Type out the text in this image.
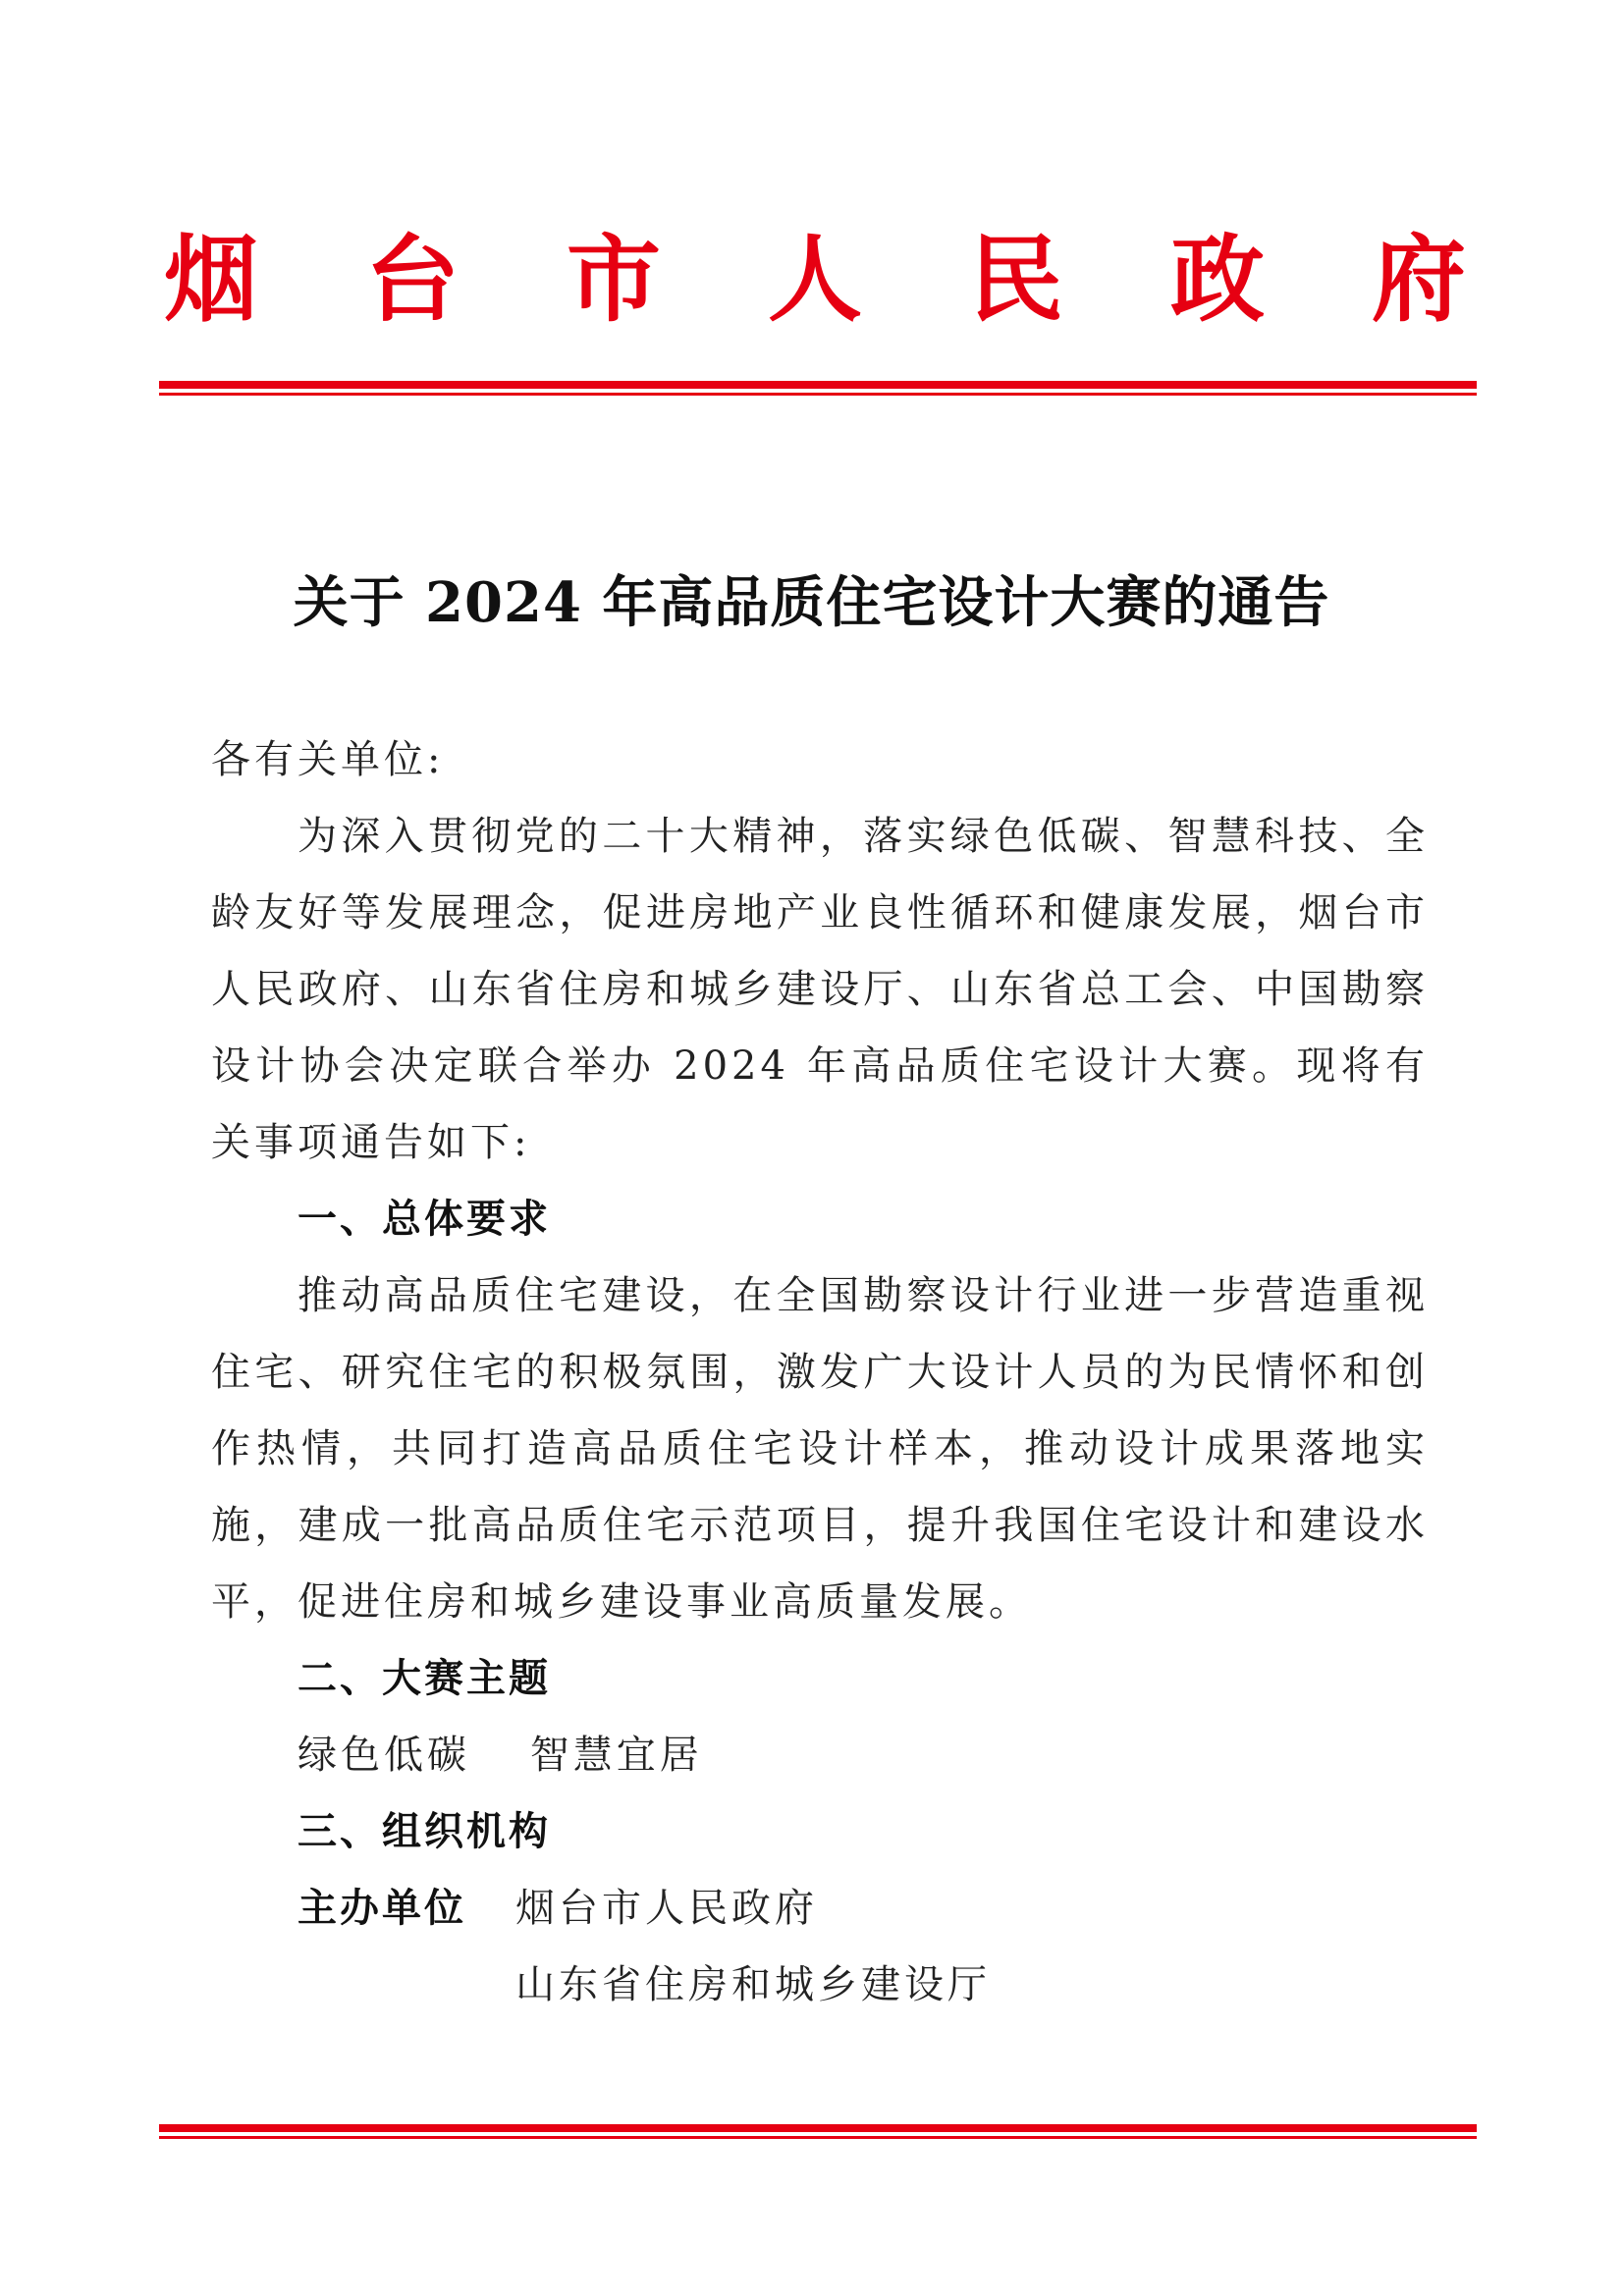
烟 台 市 人 民 政 府
关于 2024 年高品质住宅设计大赛的通告
各有关单位:
为深入贯彻党的二十大精神，落实绿色低碳、智慧科技、全龄友好等发展理念，促进房地产业良性循环和健康发展，烟台市人民政府、山东省住房和城乡建设厅、山东省总工会、中国勘察设计协会决定联合举办 2024 年高品质住宅设计大赛。现将有关事项通告如下:
一、总体要求
推动高品质住宅建设，在全国勘察设计行业进一步营造重视住宅、研究住宅的积极氛围，激发广大设计人员的为民情怀和创作热情，共同打造高品质住宅设计样本，推动设计成果落地实施，建成一批高品质住宅示范项目，提升我国住宅设计和建设水平，促进住房和城乡建设事业高质量发展。
二、大赛主题
绿色低碳 智慧宜居
三、组织机构
主办单位 烟台市人民政府
山东省住房和城乡建设厅
